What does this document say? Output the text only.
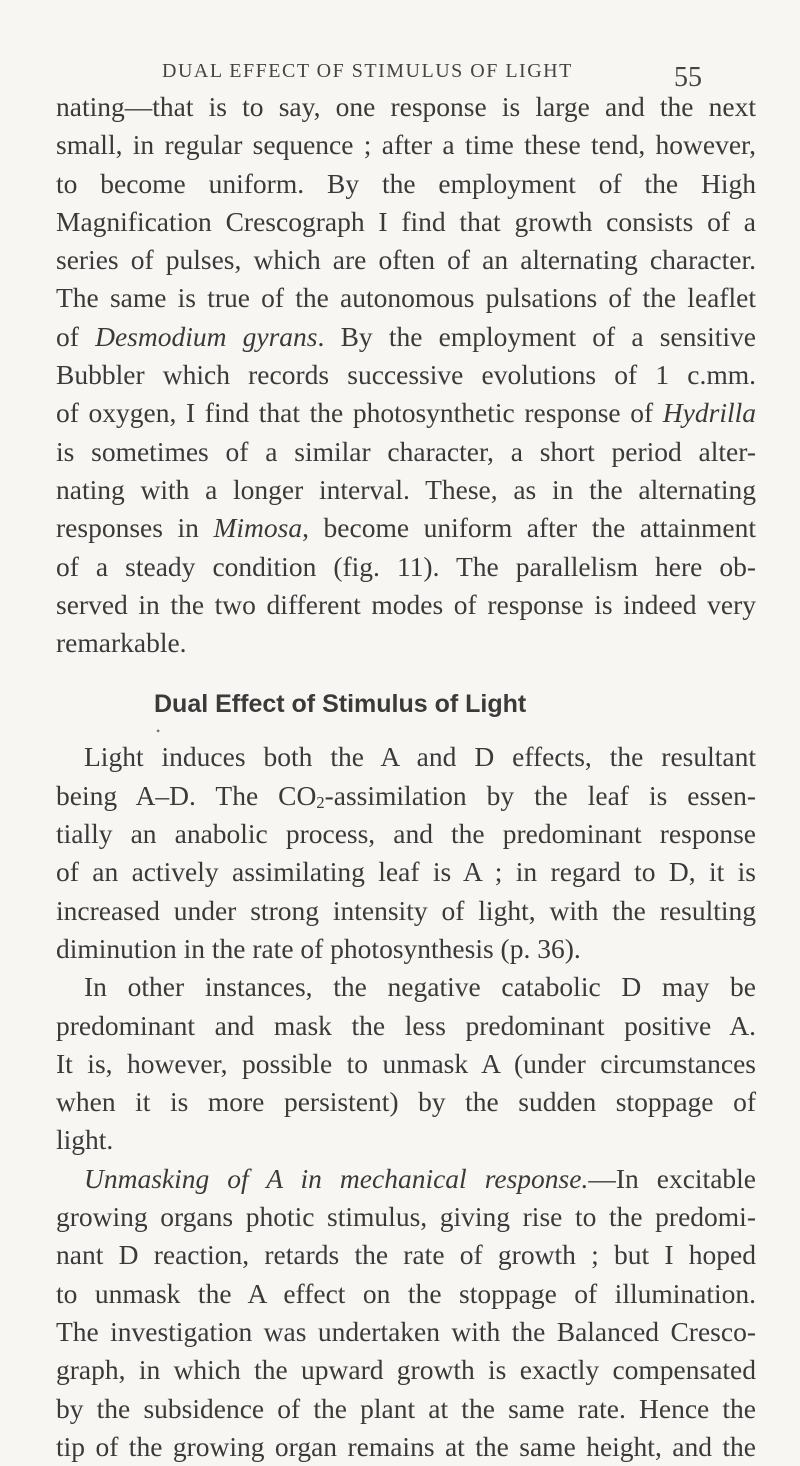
DUAL EFFECT OF STIMULUS OF LIGHT	55

nating—that is to say, one response is large and the next
small, in regular sequence ; after a time these tend, however,
to become uniform. By the employment of the High
Magnification Crescograph I find that growth consists of a
series of pulses, which are often of an alternating character.
The same is true of the autonomous pulsations of the leaflet
of Desmodium gyrans. By the employment of a sensitive
Bubbler which records successive evolutions of 1 c.mm.
of oxygen, I find that the photosynthetic response of Hydrilla
is sometimes of a similar character, a short period alter-
nating with a longer interval. These, as in the alternating
responses in Mimosa, become uniform after the attainment
of a steady condition (fig. 11). The parallelism here ob-
served in the two different modes of response is indeed very
remarkable.

Dual Effect of Stimulus of Light
•

Light induces both the A and D effects, the resultant
being A–D. The $CO_2$-assimilation by the leaf is essen-
tially an anabolic process, and the predominant response
of an actively assimilating leaf is A ; in regard to D, it is
increased under strong intensity of light, with the resulting
diminution in the rate of photosynthesis (p. 36).

In other instances, the negative catabolic D may be
predominant and mask the less predominant positive A.
It is, however, possible to unmask A (under circumstances
when it is more persistent) by the sudden stoppage of
light.

Unmasking of A in mechanical response.—In excitable
growing organs photic stimulus, giving rise to the predomi-
nant D reaction, retards the rate of growth ; but I hoped
to unmask the A effect on the stoppage of illumination.
The investigation was undertaken with the Balanced Cresco-
graph, in which the upward growth is exactly compensated
by the subsidence of the plant at the same rate. Hence the
tip of the growing organ remains at the same height, and the
